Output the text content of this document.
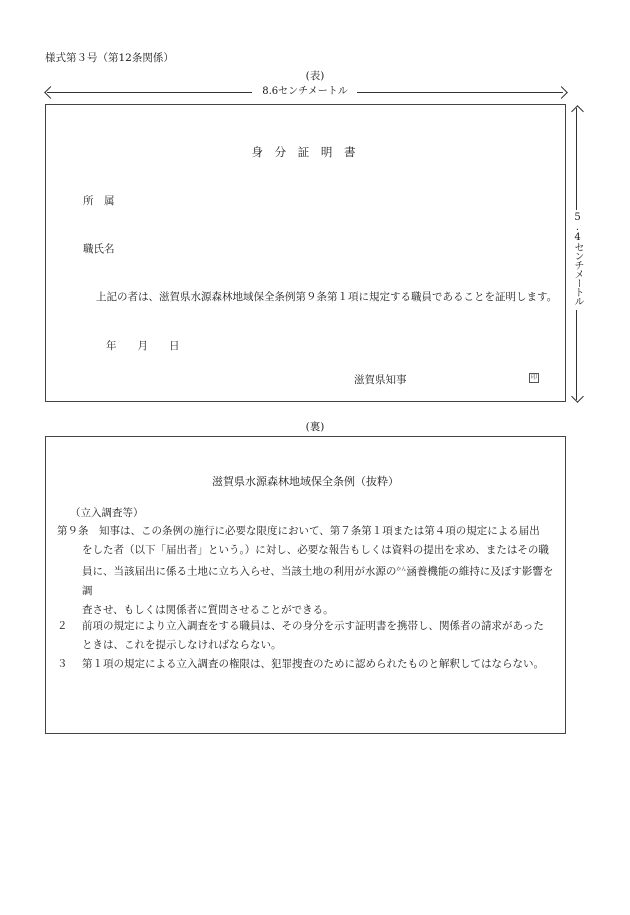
様式第３号（第12条関係）
(表)
8.6センチメートル
5.4センチメートル
身 分 証 明 書
所　属
職氏名
上記の者は、滋賀県水源森林地域保全条例第９条第１項に規定する職員であることを証明します。
年　　月　　日
滋賀県知事	印
(裏)
滋賀県水源森林地域保全条例（抜粋）
（立入調査等）
第９条　知事は、この条例の施行に必要な限度において、第７条第１項または第４項の規定による届出
をした者（以下「届出者」という。）に対し、必要な報告もしくは資料の提出を求め、またはその職
員に、当該届出に係る土地に立ち入らせ、当該土地の利用が水源の$^{かん}$涵養機能の維持に及ぼす影響を
調
査させ、もしくは関係者に質問させることができる。
２ 前項の規定により立入調査をする職員は、その身分を示す証明書を携帯し、関係者の請求があった
ときは、これを提示しなければならない。
３ 第１項の規定による立入調査の権限は、犯罪捜査のために認められたものと解釈してはならない。
